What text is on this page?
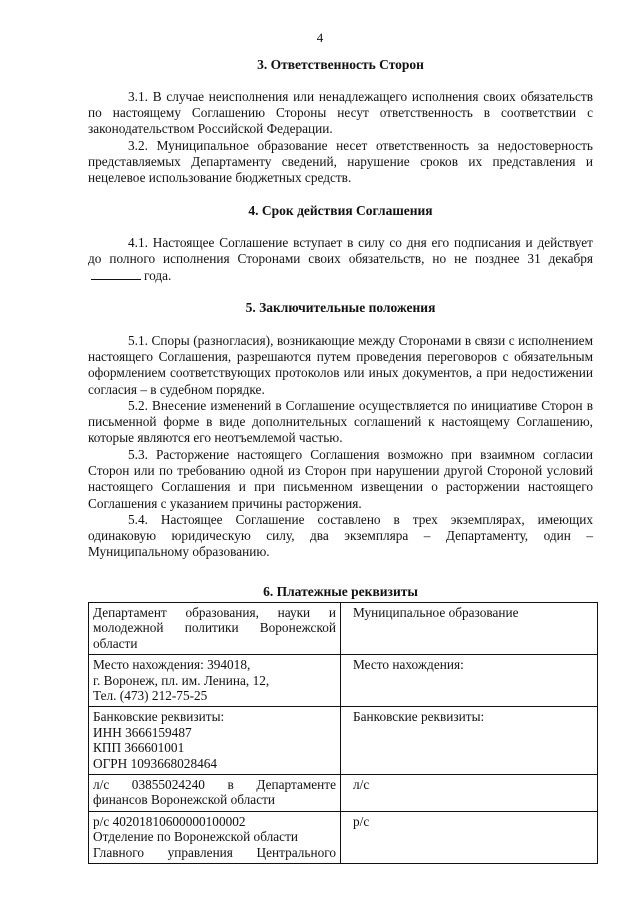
4
3. Ответственность Сторон

3.1. В случае неисполнения или ненадлежащего исполнения своих обязательств по настоящему Соглашению Стороны несут ответственность в соответствии с законодательством Российской Федерации.

3.2. Муниципальное образование несет ответственность за недостоверность представляемых Департаменту сведений, нарушение сроков их представления и нецелевое использование бюджетных средств.

4. Срок действия Соглашения

4.1. Настоящее Соглашение вступает в силу со дня его подписания и действует до полного исполнения Сторонами своих обязательств, но не позднее 31 декабрягода.

5. Заключительные положения

5.1. Споры (разногласия), возникающие между Сторонами в связи с исполнением настоящего Соглашения, разрешаются путем проведения переговоров с обязательным оформлением соответствующих протоколов или иных документов, а при недостижении согласия – в судебном порядке.

5.2. Внесение изменений в Соглашение осуществляется по инициативе Сторон в письменной форме в виде дополнительных соглашений к настоящему Соглашению, которые являются его неотъемлемой частью.

5.3. Расторжение настоящего Соглашения возможно при взаимном согласии Сторон или по требованию одной из Сторон при нарушении другой Стороной условий настоящего Соглашения и при письменном извещении о расторжении настоящего Соглашения с указанием причины расторжения.

5.4. Настоящее Соглашение составлено в трех экземплярах, имеющих одинаковую юридическую силу, два экземпляра – Департаменту, один – Муниципальному образованию.

6. Платежные реквизиты
Департамент образования, науки и молодежной политики Воронежской области	Муниципальное образование

Место нахождения: 394018,
г. Воронеж, пл. им. Ленина, 12,
Тел. (473) 212-75-25	Место нахождения:

Банковские реквизиты:
ИНН 3666159487
КПП 366601001
ОГРН 1093668028464	Банковские реквизиты:

л/с 03855024240 в Департаменте финансов Воронежской области	л/с

р/с 40201810600000100002
Отделение по Воронежской области
Главного управления Центрального	р/с
